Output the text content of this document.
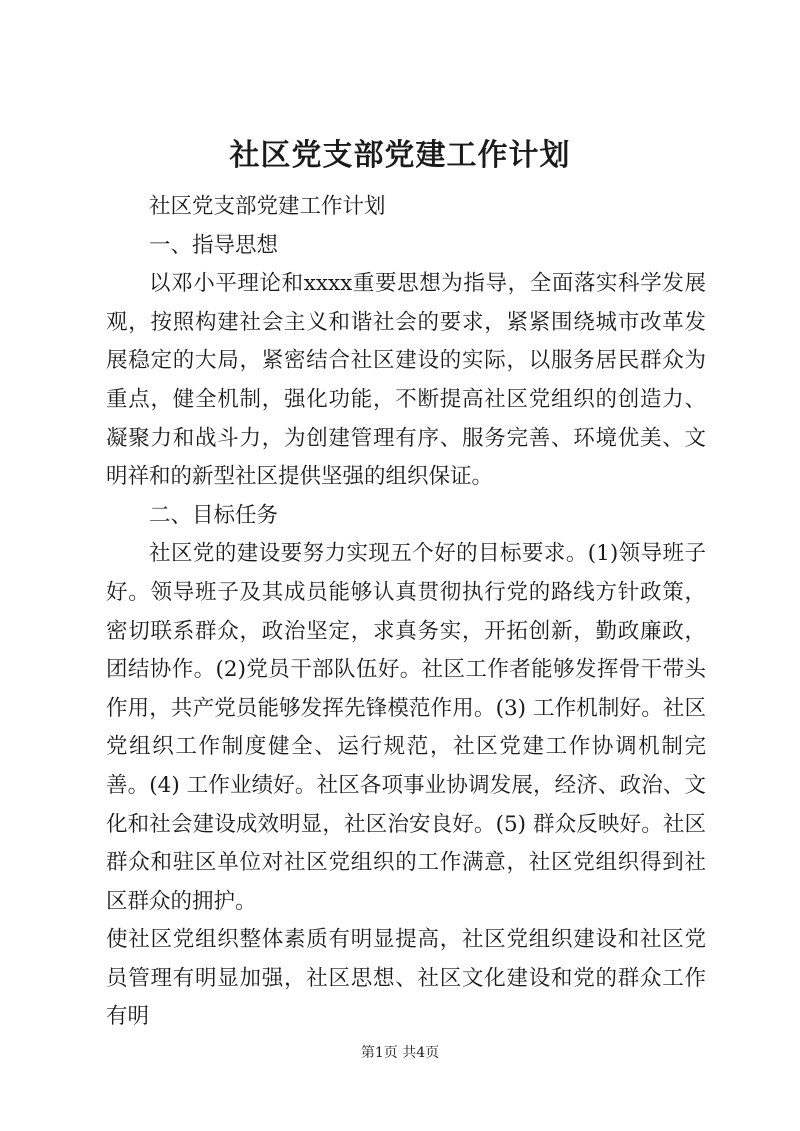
社区党支部党建工作计划

社区党支部党建工作计划

一、指导思想

以邓小平理论和xxxx重要思想为指导，全面落实科学发展观，按照构建社会主义和谐社会的要求，紧紧围绕城市改革发展稳定的大局，紧密结合社区建设的实际，以服务居民群众为重点，健全机制，强化功能，不断提高社区党组织的创造力、凝聚力和战斗力，为创建管理有序、服务完善、环境优美、文明祥和的新型社区提供坚强的组织保证。

二、目标任务

社区党的建设要努力实现五个好的目标要求。(1)领导班子好。领导班子及其成员能够认真贯彻执行党的路线方针政策，密切联系群众，政治坚定，求真务实，开拓创新，勤政廉政，团结协作。(2)党员干部队伍好。社区工作者能够发挥骨干带头作用，共产党员能够发挥先锋模范作用。(3) 工作机制好。社区党组织工作制度健全、运行规范，社区党建工作协调机制完善。(4) 工作业绩好。社区各项事业协调发展，经济、政治、文化和社会建设成效明显，社区治安良好。(5) 群众反映好。社区群众和驻区单位对社区党组织的工作满意，社区党组织得到社区群众的拥护。

使社区党组织整体素质有明显提高，社区党组织建设和社区党员管理有明显加强，社区思想、社区文化建设和党的群众工作有明

第1页 共4页
